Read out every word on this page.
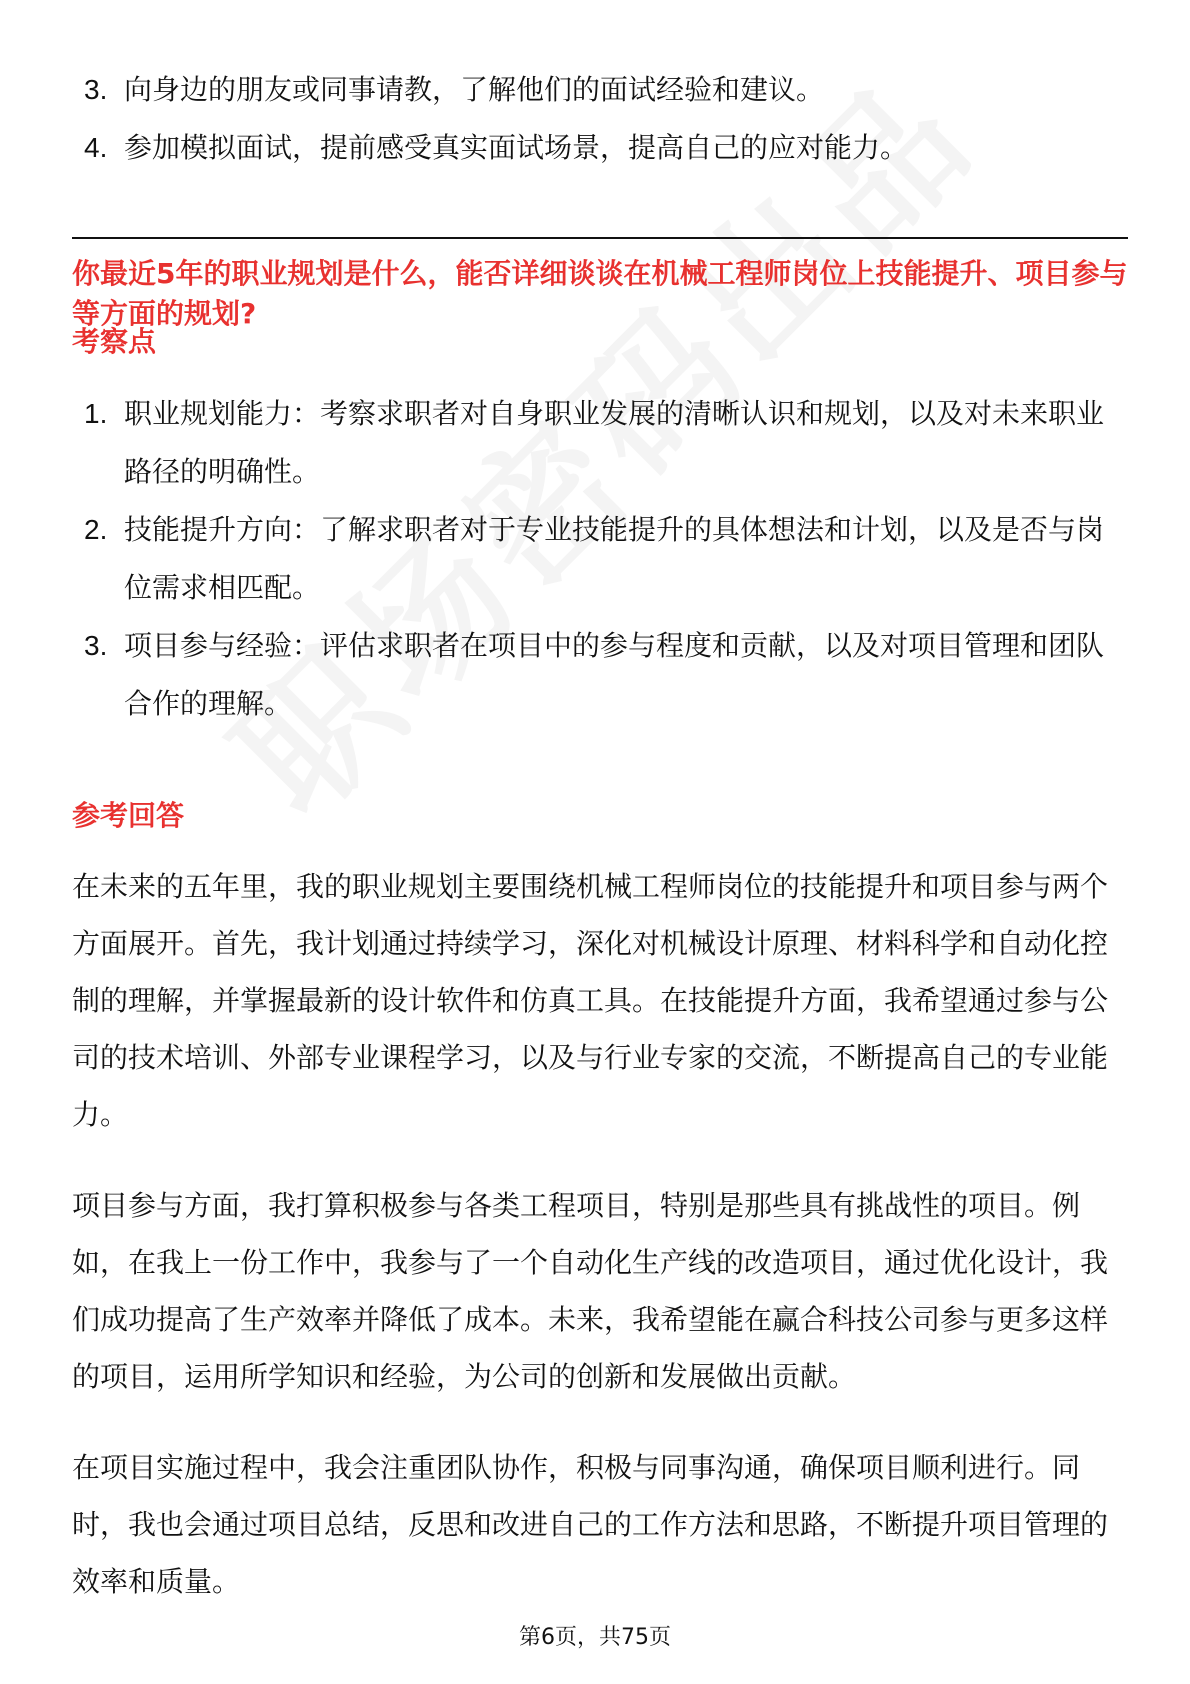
3. 向身边的朋友或同事请教，了解他们的面试经验和建议。
4. 参加模拟面试，提前感受真实面试场景，提高自己的应对能力。
你最近5年的职业规划是什么，能否详细谈谈在机械工程师岗位上技能提升、项目参与等方面的规划?
考察点
1. 职业规划能力：考察求职者对自身职业发展的清晰认识和规划，以及对未来职业路径的明确性。
2. 技能提升方向：了解求职者对于专业技能提升的具体想法和计划，以及是否与岗位需求相匹配。
3. 项目参与经验：评估求职者在项目中的参与程度和贡献，以及对项目管理和团队合作的理解。
参考回答

在未来的五年里，我的职业规划主要围绕机械工程师岗位的技能提升和项目参与两个方面展开。首先，我计划通过持续学习，深化对机械设计原理、材料科学和自动化控制的理解，并掌握最新的设计软件和仿真工具。在技能提升方面，我希望通过参与公司的技术培训、外部专业课程学习，以及与行业专家的交流，不断提高自己的专业能力。

项目参与方面，我打算积极参与各类工程项目，特别是那些具有挑战性的项目。例如，在我上一份工作中，我参与了一个自动化生产线的改造项目，通过优化设计，我们成功提高了生产效率并降低了成本。未来，我希望能在赢合科技公司参与更多这样的项目，运用所学知识和经验，为公司的创新和发展做出贡献。

在项目实施过程中，我会注重团队协作，积极与同事沟通，确保项目顺利进行。同时，我也会通过项目总结，反思和改进自己的工作方法和思路，不断提升项目管理的效率和质量。

第6页，共75页
